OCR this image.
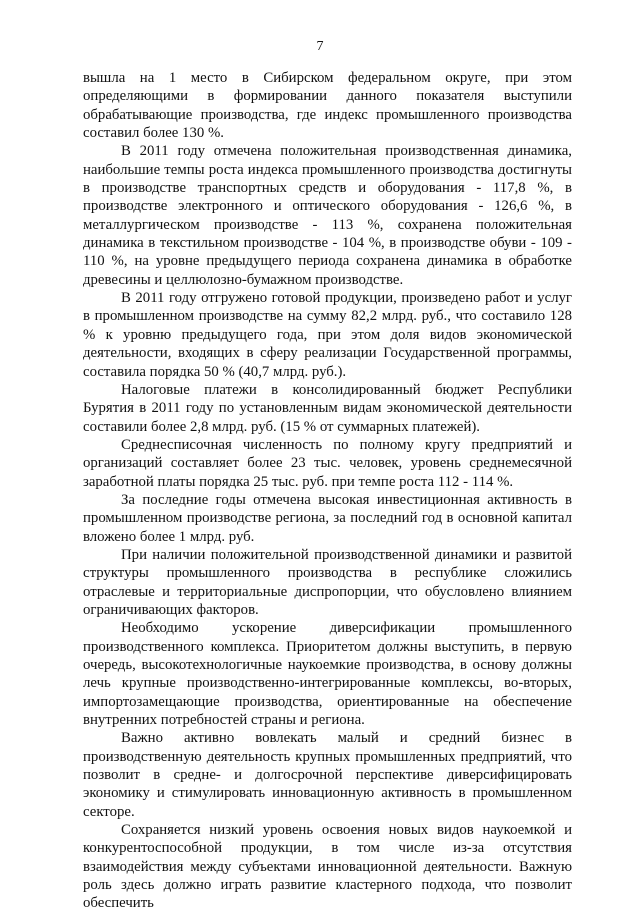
7

вышла на 1 место в Сибирском федеральном округе, при этом определяющими в формировании данного показателя выступили обрабатывающие производства, где индекс промышленного производства составил более 130 %.

В 2011 году отмечена положительная производственная динамика, наибольшие темпы роста индекса промышленного производства достигнуты в производстве транспортных средств и оборудования - 117,8 %, в производстве электронного и оптического оборудования - 126,6 %, в металлургическом производстве - 113 %, сохранена положительная динамика в текстильном производстве - 104 %, в производстве обуви - 109 - 110 %, на уровне предыдущего периода сохранена динамика в обработке древесины и целлюлозно-бумажном производстве.

В 2011 году отгружено готовой продукции, произведено работ и услуг в промышленном производстве на сумму 82,2 млрд. руб., что составило 128 % к уровню предыдущего года, при этом доля видов экономической деятельности, входящих в сферу реализации Государственной программы, составила порядка 50 % (40,7 млрд. руб.).

Налоговые платежи в консолидированный бюджет Республики Бурятия в 2011 году по установленным видам экономической деятельности составили более 2,8 млрд. руб. (15 % от суммарных платежей).

Среднесписочная численность по полному кругу предприятий и организаций составляет более 23 тыс. человек, уровень среднемесячной заработной платы порядка 25 тыс. руб. при темпе роста 112 - 114 %.

За последние годы отмечена высокая инвестиционная активность в промышленном производстве региона, за последний год в основной капитал вложено более 1 млрд. руб.

При наличии положительной производственной динамики и развитой структуры промышленного производства в республике сложились отраслевые и территориальные диспропорции, что обусловлено влиянием ограничивающих факторов.

Необходимо ускорение диверсификации промышленного производственного комплекса. Приоритетом должны выступить, в первую очередь, высокотехнологичные наукоемкие производства, в основу должны лечь крупные производственно-интегрированные комплексы, во-вторых, импортозамещающие производства, ориентированные на обеспечение внутренних потребностей страны и региона.

Важно активно вовлекать малый и средний бизнес в производственную деятельность крупных промышленных предприятий, что позволит в средне- и долгосрочной перспективе диверсифицировать экономику и стимулировать инновационную активность в промышленном секторе.

Сохраняется низкий уровень освоения новых видов наукоемкой и конкурентоспособной продукции, в том числе из-за отсутствия взаимодействия между субъектами инновационной деятельности. Важную роль здесь должно играть развитие кластерного подхода, что позволит обеспечить
